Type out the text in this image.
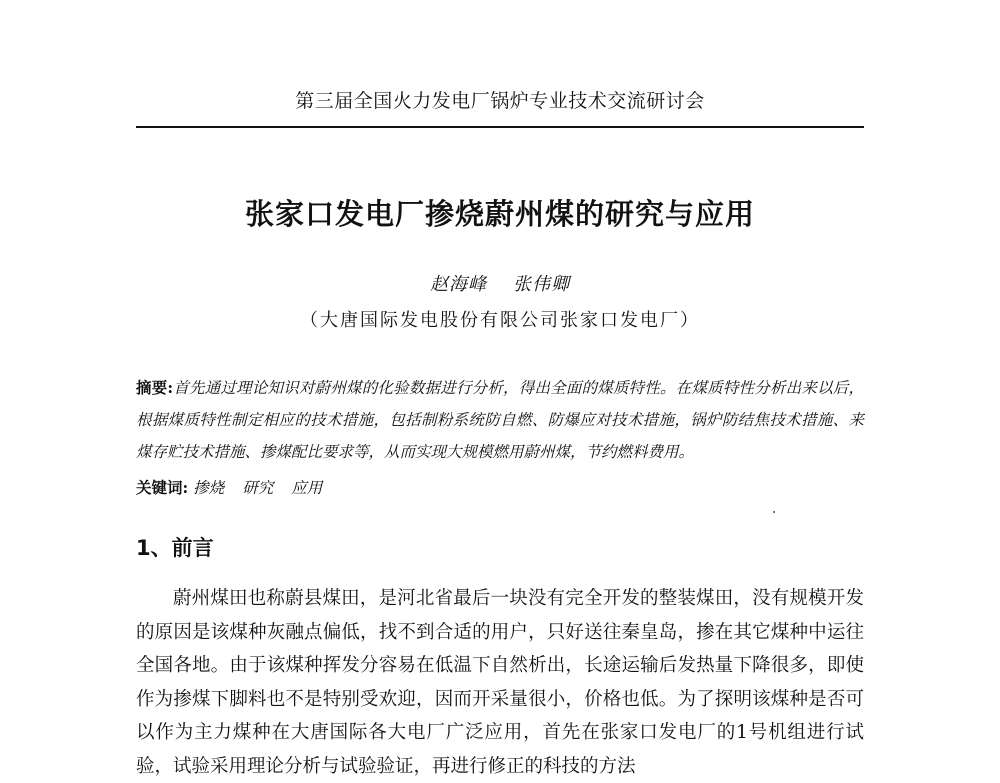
第三届全国火力发电厂锅炉专业技术交流研讨会
张家口发电厂掺烧蔚州煤的研究与应用
赵海峰 张伟卿
（大唐国际发电股份有限公司张家口发电厂）
摘要:首先通过理论知识对蔚州煤的化验数据进行分析，得出全面的煤质特性。在煤质特性分析出来以后，根据煤质特性制定相应的技术措施，包括制粉系统防自燃、防爆应对技术措施，锅炉防结焦技术措施、来煤存贮技术措施、掺煤配比要求等，从而实现大规模燃用蔚州煤，节约燃料费用。
关键词: 掺烧 研究 应用
1、前言
蔚州煤田也称蔚县煤田，是河北省最后一块没有完全开发的整装煤田，没有规模开发的原因是该煤种灰融点偏低，找不到合适的用户，只好送往秦皇岛，掺在其它煤种中运往全国各地。由于该煤种挥发分容易在低温下自然析出，长途运输后发热量下降很多，即使作为掺煤下脚料也不是特别受欢迎，因而开采量很小，价格也低。为了探明该煤种是否可以作为主力煤种在大唐国际各大电厂广泛应用，首先在张家口发电厂的1号机组进行试验，试验采用理论分析与试验验证，再进行修正的科技的方法
